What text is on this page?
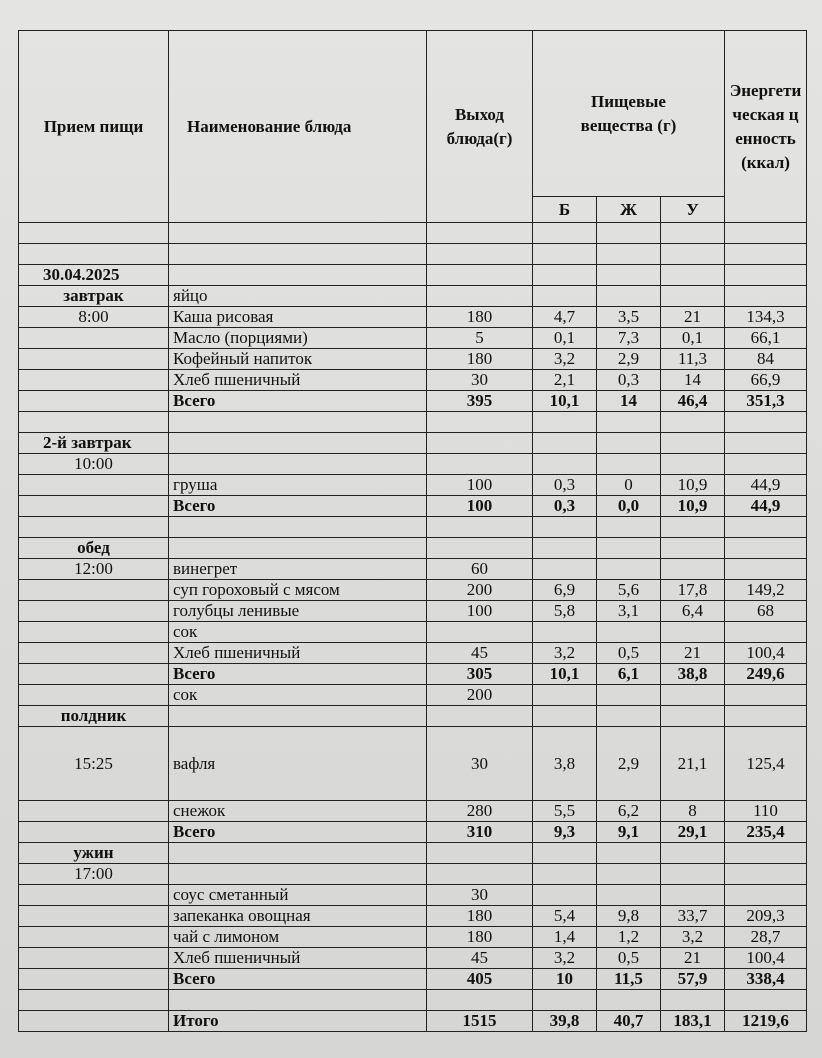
Прием пищи	Наименование блюда	Выход блюда(г)	Пищевые вещества (г)			Энергетическая ценность (ккал)
			Б	Ж	У	

30.04.2025						
завтрак	яйцо					
8:00	Каша рисовая	180	4,7	3,5	21	134,3
	Масло (порциями)	5	0,1	7,3	0,1	66,1
	Кофейный напиток	180	3,2	2,9	11,3	84
	Хлеб пшеничный	30	2,1	0,3	14	66,9
	Всего	395	10,1	14	46,4	351,3

2-й завтрак						
10:00						
	груша	100	0,3	0	10,9	44,9
	Всего	100	0,3	0,0	10,9	44,9

обед						
12:00	винегрет	60				
	суп гороховый с мясом	200	6,9	5,6	17,8	149,2
	голубцы ленивые	100	5,8	3,1	6,4	68
	сок					
	Хлеб пшеничный	45	3,2	0,5	21	100,4
	Всего	305	10,1	6,1	38,8	249,6
	сок	200				
полдник						
15:25	вафля	30	3,8	2,9	21,1	125,4
	снежок	280	5,5	6,2	8	110
	Всего	310	9,3	9,1	29,1	235,4
ужин						
17:00						
	соус сметанный	30				
	запеканка овощная	180	5,4	9,8	33,7	209,3
	чай с лимоном	180	1,4	1,2	3,2	28,7
	Хлеб пшеничный	45	3,2	0,5	21	100,4
	Всего	405	10	11,5	57,9	338,4

	Итого	1515	39,8	40,7	183,1	1219,6
